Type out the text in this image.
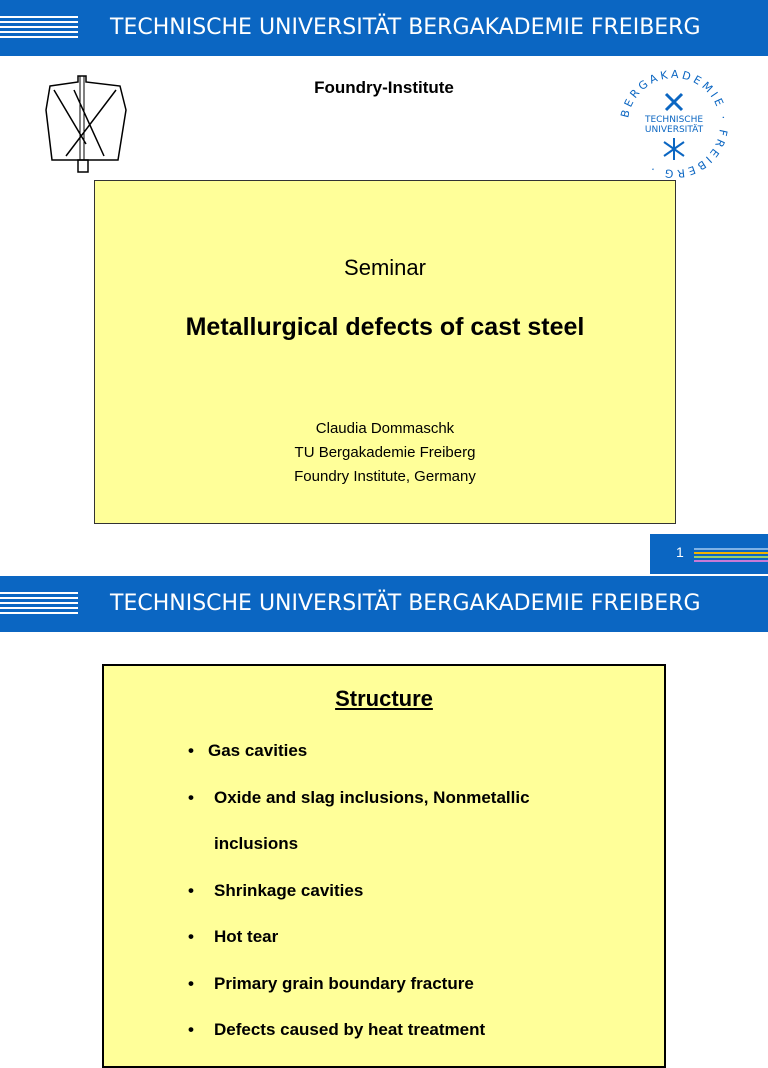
TECHNISCHE UNIVERSITÄT BERGAKADEMIE FREIBERG
Foundry-Institute
BERGAKADEMIE · FREIBERG ·
TECHNISCHE
UNIVERSITÄT
Seminar
Metallurgical defects of cast steel
Claudia Dommaschk
TU Bergakademie Freiberg
Foundry Institute, Germany
1
TECHNISCHE UNIVERSITÄT BERGAKADEMIE FREIBERG
Structure
• Gas cavities
• Oxide and slag inclusions, Nonmetallic
inclusions
• Shrinkage cavities
• Hot tear
• Primary grain boundary fracture
• Defects caused by heat treatment
